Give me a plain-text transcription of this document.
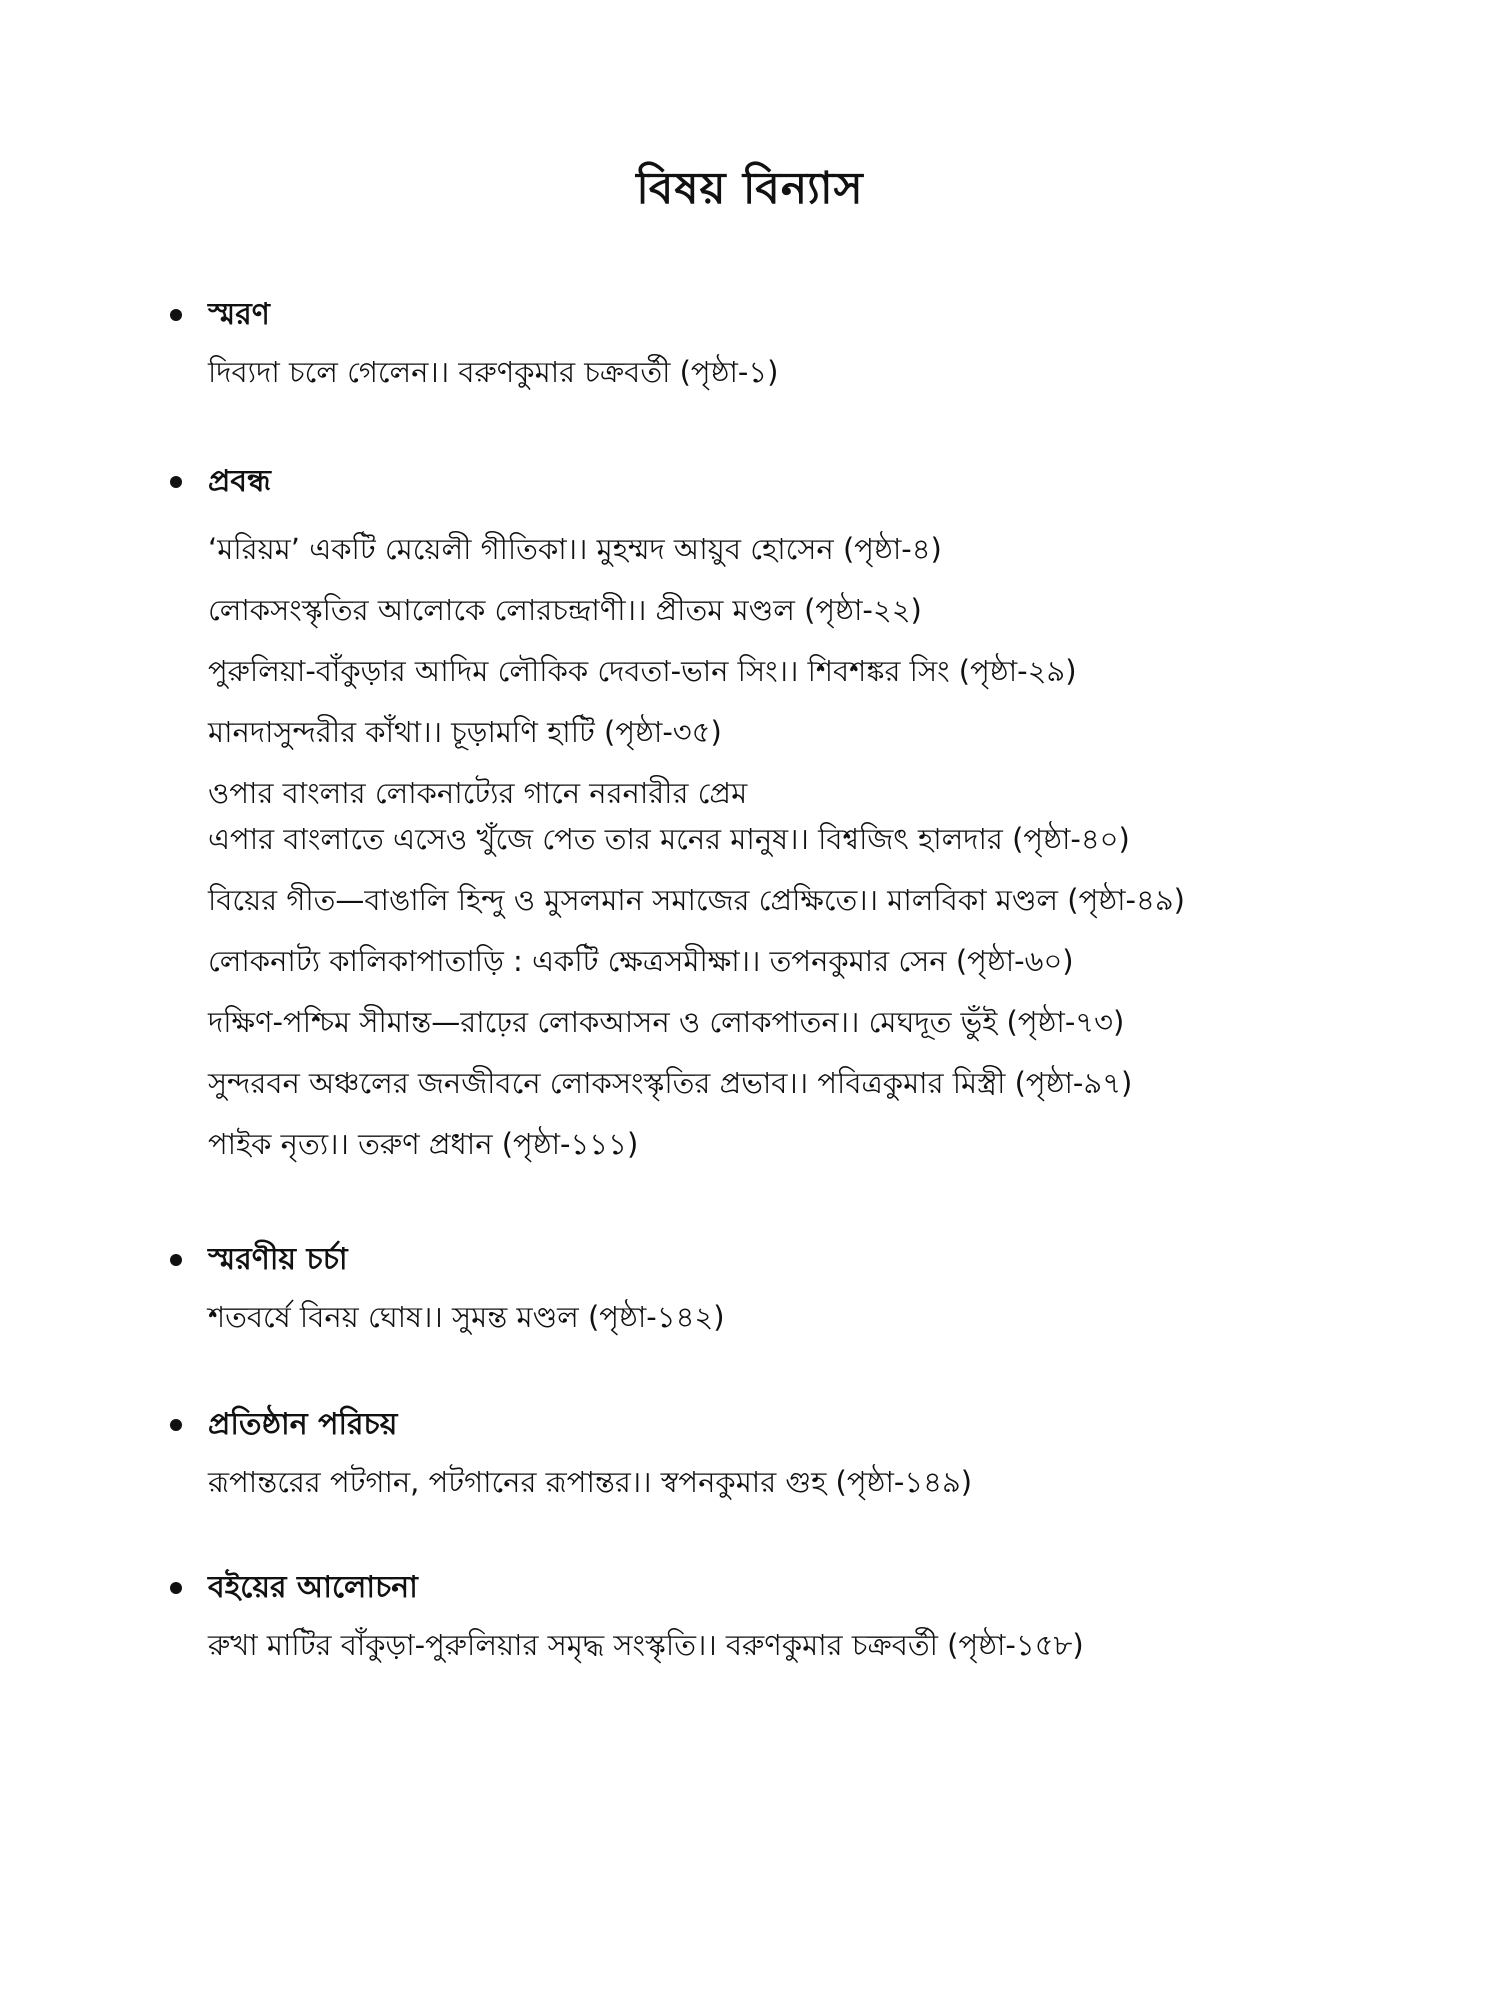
বিষয় বিন্যাস
স্মরণ
দিব্যদা চলে গেলেন।। বরুণকুমার চক্রবর্তী (পৃষ্ঠা-১)
প্রবন্ধ
‘মরিয়ম’ একটি মেয়েলী গীতিকা।। মুহম্মদ আয়ুব হোসেন (পৃষ্ঠা-৪)
লোকসংস্কৃতির আলোকে লোরচন্দ্রাণী।। প্রীতম মণ্ডল (পৃষ্ঠা-২২)
পুরুলিয়া-বাঁকুড়ার আদিম লৌকিক দেবতা-ভান সিং।। শিবশঙ্কর সিং (পৃষ্ঠা-২৯)
মানদাসুন্দরীর কাঁথা।। চূড়ামণি হাটি (পৃষ্ঠা-৩৫)
ওপার বাংলার লোকনাট্যের গানে নরনারীর প্রেম
এপার বাংলাতে এসেও খুঁজে পেত তার মনের মানুষ।। বিশ্বজিৎ হালদার (পৃষ্ঠা-৪০)
বিয়ের গীত—বাঙালি হিন্দু ও মুসলমান সমাজের প্রেক্ষিতে।। মালবিকা মণ্ডল (পৃষ্ঠা-৪৯)
লোকনাট্য কালিকাপাতাড়ি : একটি ক্ষেত্রসমীক্ষা।। তপনকুমার সেন (পৃষ্ঠা-৬০)
দক্ষিণ-পশ্চিম সীমান্ত—রাঢ়ের লোকআসন ও লোকপাতন।। মেঘদূত ভুঁই (পৃষ্ঠা-৭৩)
সুন্দরবন অঞ্চলের জনজীবনে লোকসংস্কৃতির প্রভাব।। পবিত্রকুমার মিস্ত্রী (পৃষ্ঠা-৯৭)
পাইক নৃত্য।। তরুণ প্রধান (পৃষ্ঠা-১১১)
স্মরণীয় চর্চা
শতবর্ষে বিনয় ঘোষ।। সুমন্ত মণ্ডল (পৃষ্ঠা-১৪২)
প্রতিষ্ঠান পরিচয়
রূপান্তরের পটগান, পটগানের রূপান্তর।। স্বপনকুমার গুহ (পৃষ্ঠা-১৪৯)
বইয়ের আলোচনা
রুখা মাটির বাঁকুড়া-পুরুলিয়ার সমৃদ্ধ সংস্কৃতি।। বরুণকুমার চক্রবর্তী (পৃষ্ঠা-১৫৮)
